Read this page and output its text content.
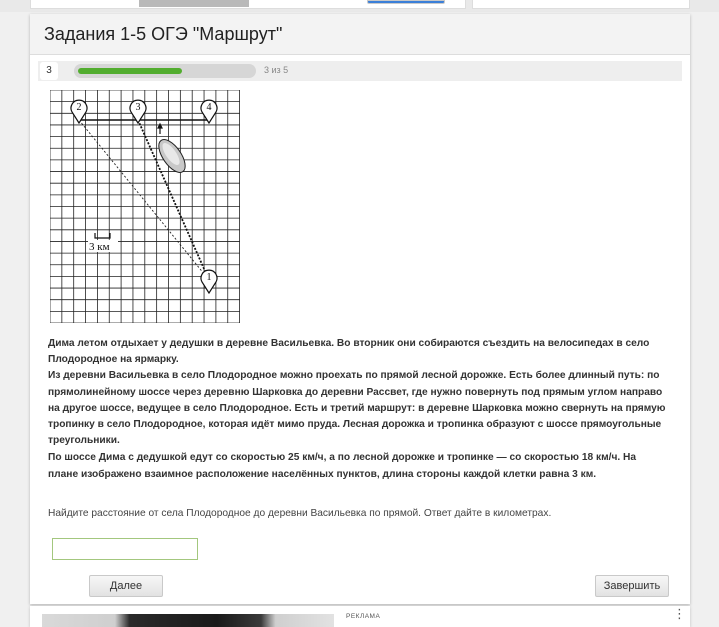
Задания 1-5 ОГЭ "Маршрут"
3	3 из 5
3 км
2	3	4
1

Дима летом отдыхает у дедушки в деревне Васильевка. Во вторник они собираются съездить на велосипедах в село Плодородное на ярмарку.

Из деревни Васильевка в село Плодородное можно проехать по прямой лесной дорожке. Есть более длинный путь: по прямолинейному шоссе через деревню Шарковка до деревни Рассвет, где нужно повернуть под прямым углом направо на другое шоссе, ведущее в село Плодородное. Есть и третий маршрут: в деревне Шарковка можно свернуть на прямую тропинку в село Плодородное, которая идёт мимо пруда. Лесная дорожка и тропинка образуют с шоссе прямоугольные треугольники.

По шоссе Дима с дедушкой едут со скоростью 25 км/ч, а по лесной дорожке и тропинке — со скоростью 18 км/ч. На плане изображено взаимное расположение населённых пунктов, длина стороны каждой клетки равна 3 км.

Найдите расстояние от села Плодородное до деревни Васильевка по прямой. Ответ дайте в километрах.
Далее	Завершить
РЕКЛАМА	⋮
